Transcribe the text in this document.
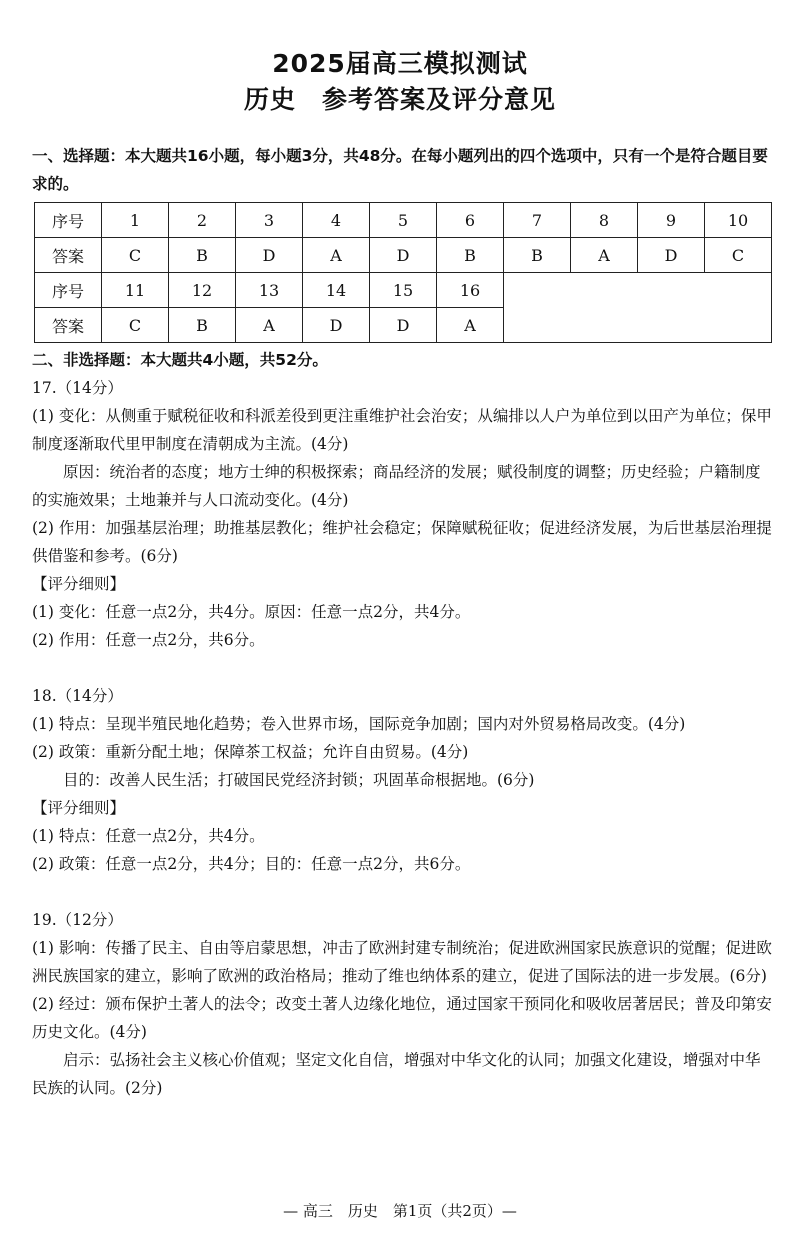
2025届高三模拟测试
历史　参考答案及评分意见
一、选择题：本大题共16小题，每小题3分，共48分。在每小题列出的四个选项中，只有一个是符合题目要求的。
序号	1	2	3	4	5	6	7	8	9	10
答案	C	B	D	A	D	B	B	A	D	C
序号	11	12	13	14	15	16				
答案	C	B	A	D	D	A				

二、非选择题：本大题共4小题，共52分。

17.（14分）

(1) 变化：从侧重于赋税征收和科派差役到更注重维护社会治安；从编排以人户为单位到以田产为单位；保甲制度逐渐取代里甲制度在清朝成为主流。(4分)

原因：统治者的态度；地方士绅的积极探索；商品经济的发展；赋役制度的调整；历史经验；户籍制度的实施效果；土地兼并与人口流动变化。(4分)

(2) 作用：加强基层治理；助推基层教化；维护社会稳定；保障赋税征收；促进经济发展，为后世基层治理提供借鉴和参考。(6分)

【评分细则】

(1) 变化：任意一点2分，共4分。原因：任意一点2分，共4分。

(2) 作用：任意一点2分，共6分。

18.（14分）

(1) 特点：呈现半殖民地化趋势；卷入世界市场，国际竞争加剧；国内对外贸易格局改变。(4分)

(2) 政策：重新分配土地；保障茶工权益；允许自由贸易。(4分)

目的：改善人民生活；打破国民党经济封锁；巩固革命根据地。(6分)

【评分细则】

(1) 特点：任意一点2分，共4分。

(2) 政策：任意一点2分，共4分；目的：任意一点2分，共6分。

19.（12分）

(1) 影响：传播了民主、自由等启蒙思想，冲击了欧洲封建专制统治；促进欧洲国家民族意识的觉醒；促进欧洲民族国家的建立，影响了欧洲的政治格局；推动了维也纳体系的建立，促进了国际法的进一步发展。(6分)

(2) 经过：颁布保护土著人的法令；改变土著人边缘化地位，通过国家干预同化和吸收居著居民；普及印第安历史文化。(4分)

启示：弘扬社会主义核心价值观；坚定文化自信，增强对中华文化的认同；加强文化建设，增强对中华民族的认同。(2分)

— 高三　历史　第1页（共2页）—
